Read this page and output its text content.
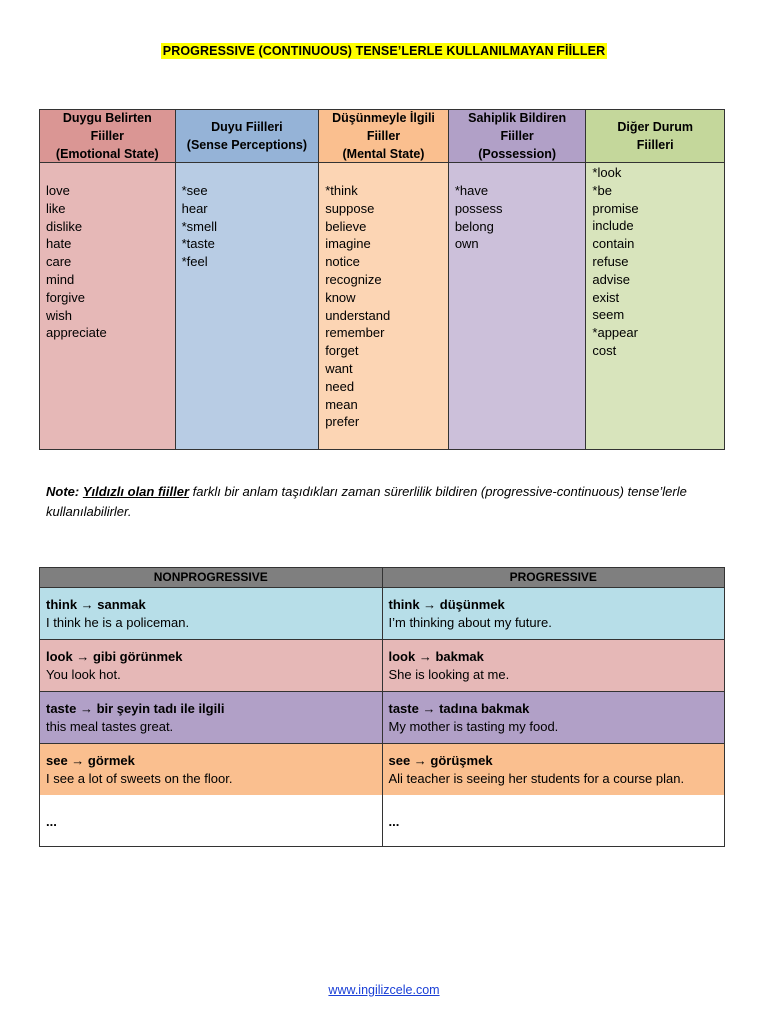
PROGRESSIVE (CONTINUOUS) TENSE’LERLE KULLANILMAYAN FİİLLER
Duygu Belirten
Fiiller
(Emotional State)
love
like
dislike
hate
care
mind
forgive
wish
appreciate
Duyu Fiilleri
(Sense Perceptions)
*see
hear
*smell
*taste
*feel
Düşünmeyle İlgili
Fiiller
(Mental State)
*think
suppose
believe
imagine
notice
recognize
know
understand
remember
forget
want
need
mean
prefer
Sahiplik Bildiren
Fiiller
(Possession)
*have
possess
belong
own
Diğer Durum
Fiilleri
*look
*be
promise
include
contain
refuse
advise
exist
seem
*appear
cost
Note: Yıldızlı olan fiiller farklı bir anlam taşıdıkları zaman sürerlilik bildiren (progressive-continuous) tense’lerle kullanılabilirler.
NONPROGRESSIVE	PROGRESSIVE
think → sanmak
I think he is a policeman.
think → düşünmek
I’m thinking about my future.
look → gibi görünmek
You look hot.
look → bakmak
She is looking at me.
taste → bir şeyin tadı ile ilgili
this meal tastes great.
taste → tadına bakmak
My mother is tasting my food.
see → görmek
I see a lot of sweets on the floor.
see → görüşmek
Ali teacher is seeing her students for a course plan.
...	...
www.ingilizcele.com
